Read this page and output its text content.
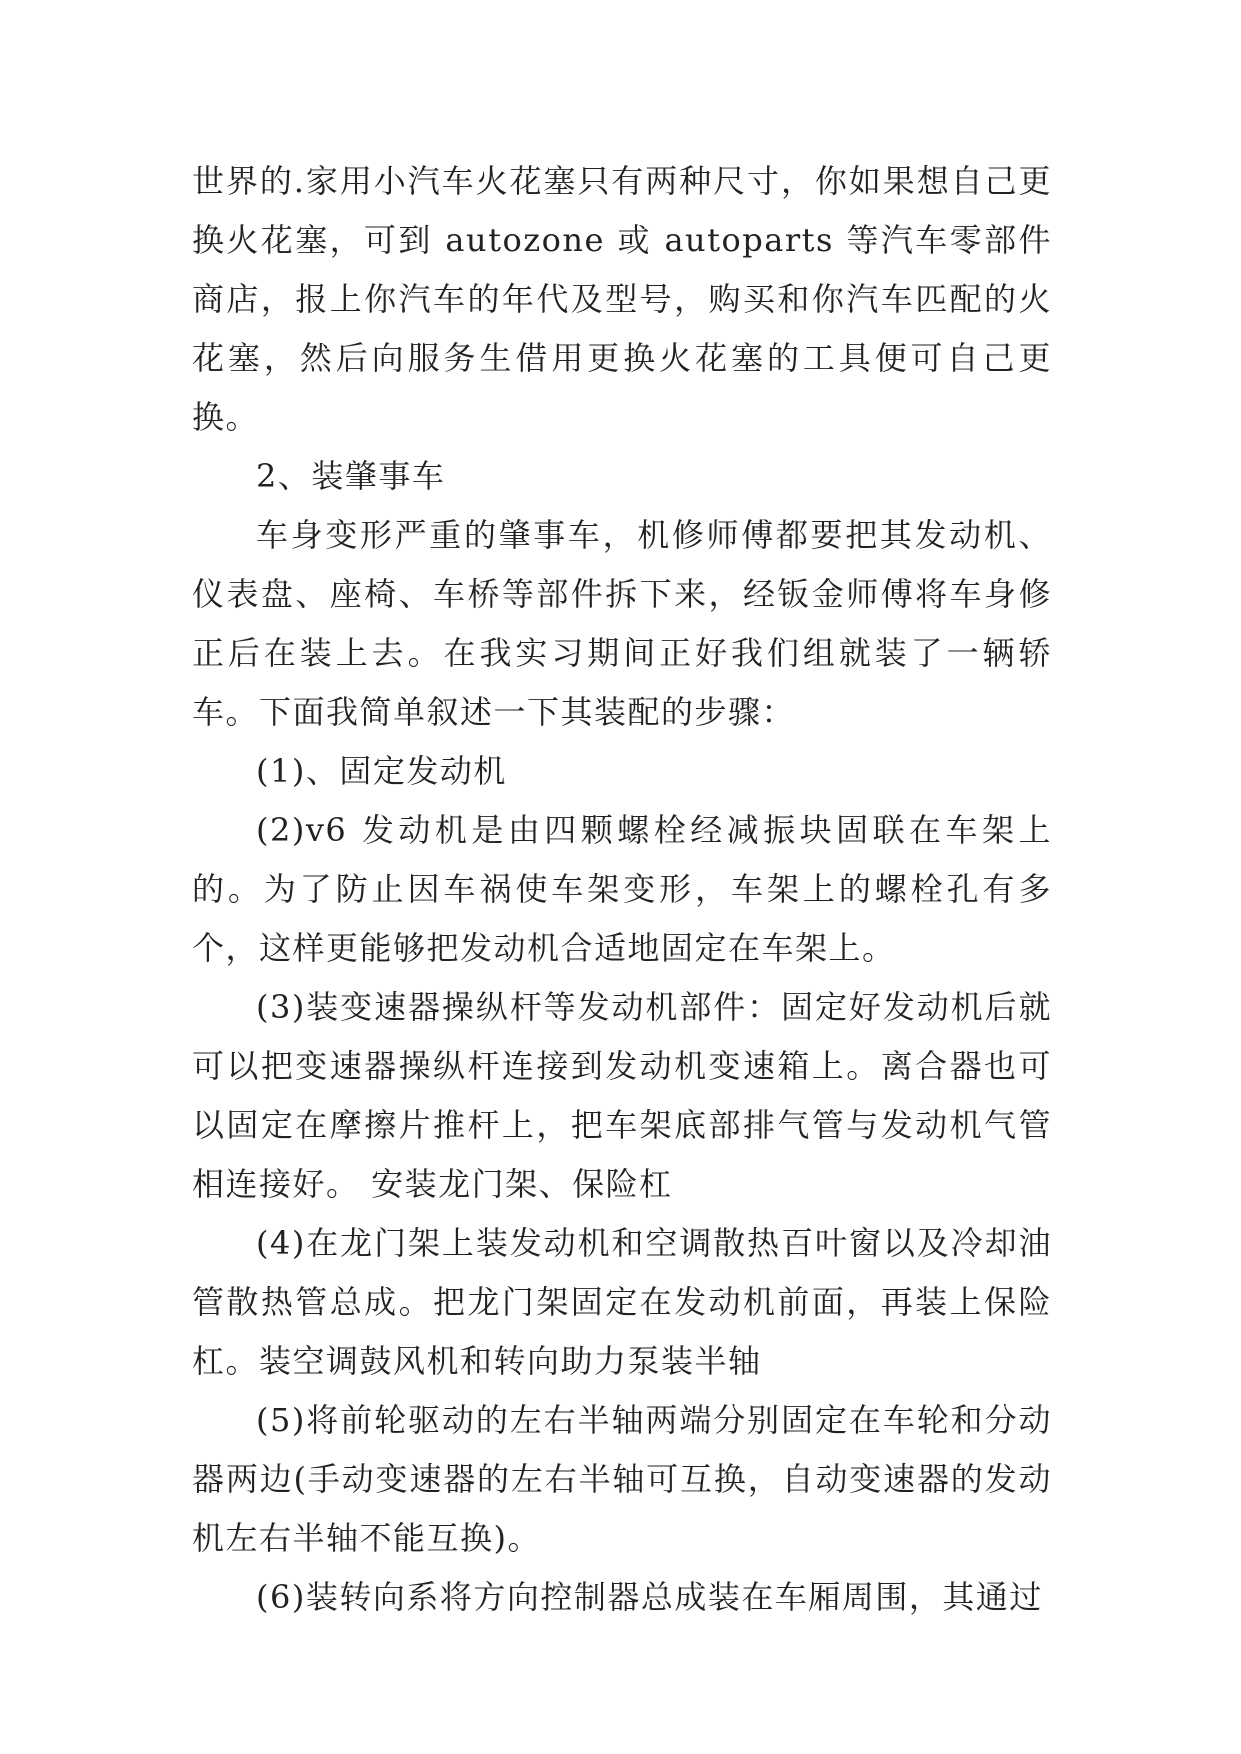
世界的.家用小汽车火花塞只有两种尺寸，你如果想自己更换火花塞，可到 autozone 或 autoparts 等汽车零部件商店，报上你汽车的年代及型号，购买和你汽车匹配的火花塞，然后向服务生借用更换火花塞的工具便可自己更换。

2、装肇事车

车身变形严重的肇事车，机修师傅都要把其发动机、仪表盘、座椅、车桥等部件拆下来，经钣金师傅将车身修正后在装上去。在我实习期间正好我们组就装了一辆轿车。下面我简单叙述一下其装配的步骤：

(1)、固定发动机

(2)v6 发动机是由四颗螺栓经减振块固联在车架上的。为了防止因车祸使车架变形，车架上的螺栓孔有多个，这样更能够把发动机合适地固定在车架上。

(3)装变速器操纵杆等发动机部件：固定好发动机后就可以把变速器操纵杆连接到发动机变速箱上。离合器也可以固定在摩擦片推杆上，把车架底部排气管与发动机气管相连接好。 安装龙门架、保险杠

(4)在龙门架上装发动机和空调散热百叶窗以及冷却油管散热管总成。把龙门架固定在发动机前面，再装上保险杠。装空调鼓风机和转向助力泵装半轴

(5)将前轮驱动的左右半轴两端分别固定在车轮和分动器两边(手动变速器的左右半轴可互换，自动变速器的发动机左右半轴不能互换)。

(6)装转向系将方向控制器总成装在车厢周围，其通过
